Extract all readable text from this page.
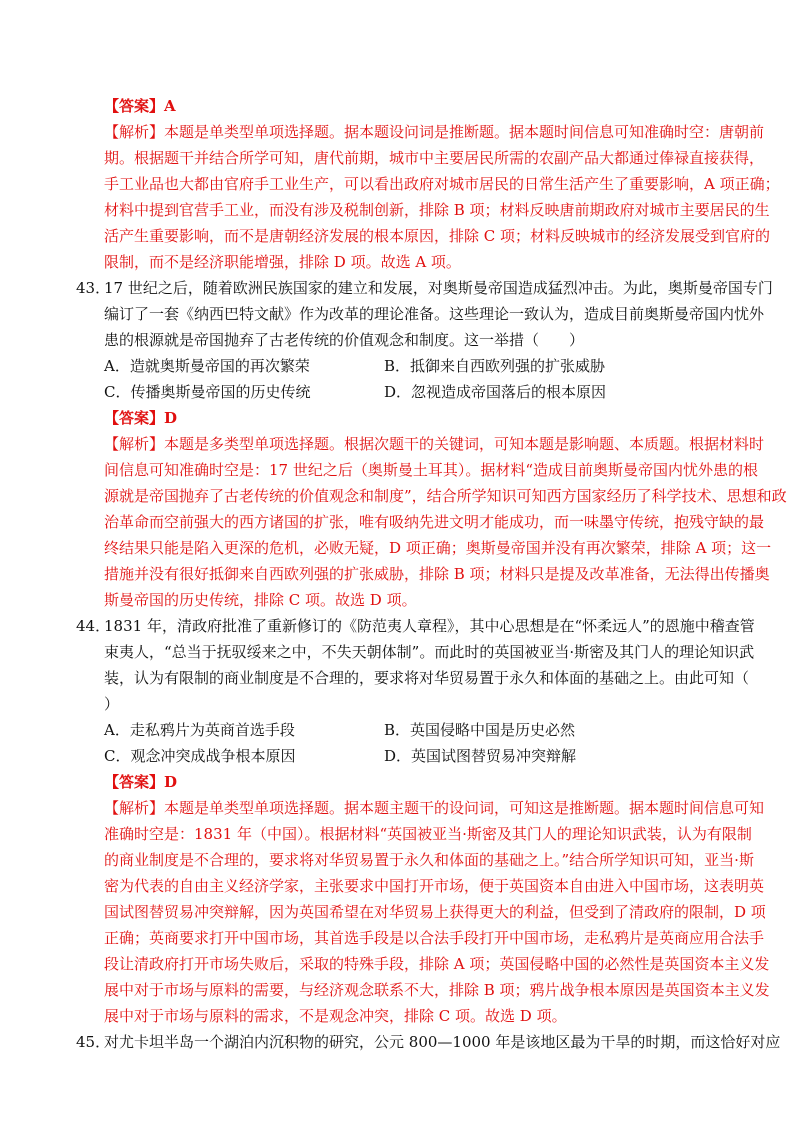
【答案】A
【解析】本题是单类型单项选择题。据本题设问词是推断题。据本题时间信息可知准确时空：唐朝前
期。根据题干并结合所学可知，唐代前期，城市中主要居民所需的农副产品大都通过俸禄直接获得，
手工业品也大都由官府手工业生产，可以看出政府对城市居民的日常生活产生了重要影响，A 项正确；
材料中提到官营手工业，而没有涉及税制创新，排除 B 项；材料反映唐前期政府对城市主要居民的生
活产生重要影响，而不是唐朝经济发展的根本原因，排除 C 项；材料反映城市的经济发展受到官府的
限制，而不是经济职能增强，排除 D 项。故选 A 项。
43．
17 世纪之后，随着欧洲民族国家的建立和发展，对奥斯曼帝国造成猛烈冲击。为此，奥斯曼帝国专门
编订了一套《纳西巴特文献》作为改革的理论准备。这些理论一致认为，造成目前奥斯曼帝国内忧外
患的根源就是帝国抛弃了古老传统的价值观念和制度。这一举措（　　）
A．造就奥斯曼帝国的再次繁荣	B．抵御来自西欧列强的扩张威胁
C．传播奥斯曼帝国的历史传统	D．忽视造成帝国落后的根本原因
【答案】D
【解析】本题是多类型单项选择题。根据次题干的关键词，可知本题是影响题、本质题。根据材料时
间信息可知准确时空是：17 世纪之后（奥斯曼土耳其）。据材料“造成目前奥斯曼帝国内忧外患的根
源就是帝国抛弃了古老传统的价值观念和制度”，结合所学知识可知西方国家经历了科学技术、思想和政
治革命而空前强大的西方诸国的扩张，唯有吸纳先进文明才能成功，而一味墨守传统，抱残守缺的最
终结果只能是陷入更深的危机，必败无疑，D 项正确；奥斯曼帝国并没有再次繁荣，排除 A 项；这一
措施并没有很好抵御来自西欧列强的扩张威胁，排除 B 项；材料只是提及改革准备，无法得出传播奥
斯曼帝国的历史传统，排除 C 项。故选 D 项。
44．
1831 年，清政府批准了重新修订的《防范夷人章程》，其中心思想是在“怀柔远人”的恩施中稽查管
束夷人，“总当于抚驭绥来之中，不失天朝体制”。而此时的英国被亚当·斯密及其门人的理论知识武
装，认为有限制的商业制度是不合理的，要求将对华贸易置于永久和体面的基础之上。由此可知（
）
A．走私鸦片为英商首选手段	B．英国侵略中国是历史必然
C．观念冲突成战争根本原因	D．英国试图替贸易冲突辩解
【答案】D
【解析】本题是单类型单项选择题。据本题主题干的设问词，可知这是推断题。据本题时间信息可知
准确时空是：1831 年（中国）。根据材料“英国被亚当·斯密及其门人的理论知识武装，认为有限制
的商业制度是不合理的，要求将对华贸易置于永久和体面的基础之上。”结合所学知识可知，亚当·斯
密为代表的自由主义经济学家，主张要求中国打开市场，便于英国资本自由进入中国市场，这表明英
国试图替贸易冲突辩解，因为英国希望在对华贸易上获得更大的利益，但受到了清政府的限制，D 项
正确；英商要求打开中国市场，其首选手段是以合法手段打开中国市场，走私鸦片是英商应用合法手
段让清政府打开市场失败后，采取的特殊手段，排除 A 项；英国侵略中国的必然性是英国资本主义发
展中对于市场与原料的需要，与经济观念联系不大，排除 B 项；鸦片战争根本原因是英国资本主义发
展中对于市场与原料的需求，不是观念冲突，排除 C 项。故选 D 项。
45．
对尤卡坦半岛一个湖泊内沉积物的研究，公元 800—1000 年是该地区最为干旱的时期，而这恰好对应
